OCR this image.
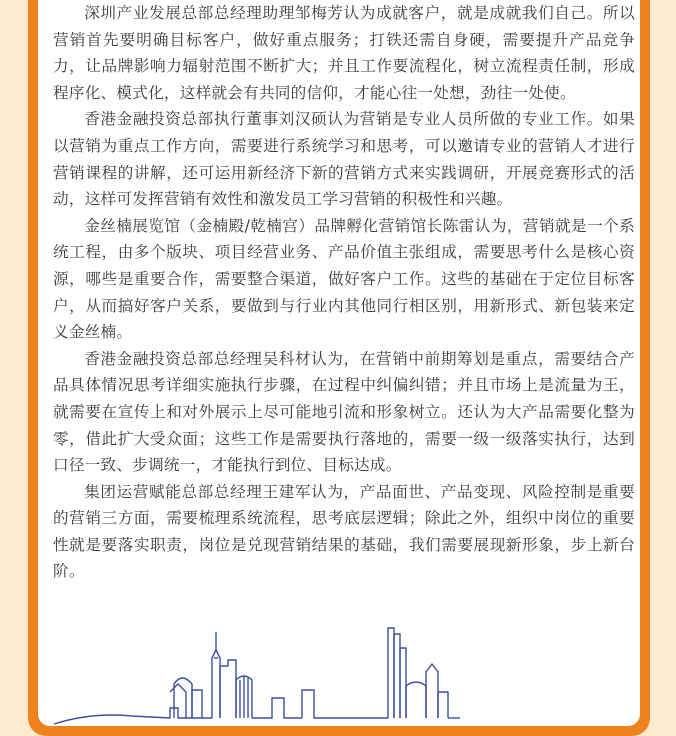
深圳产业发展总部总经理助理邹梅芳认为成就客户，就是成就我们自己。所以营销首先要明确目标客户，做好重点服务；打铁还需自身硬，需要提升产品竞争力，让品牌影响力辐射范围不断扩大；并且工作要流程化，树立流程责任制，形成程序化、模式化，这样就会有共同的信仰，才能心往一处想，劲往一处使。

香港金融投资总部执行董事刘汉硕认为营销是专业人员所做的专业工作。如果以营销为重点工作方向，需要进行系统学习和思考，可以邀请专业的营销人才进行营销课程的讲解，还可运用新经济下新的营销方式来实践调研，开展竞赛形式的活动，这样可发挥营销有效性和激发员工学习营销的积极性和兴趣。

金丝楠展览馆（金楠殿/乾楠宫）品牌孵化营销馆长陈雷认为，营销就是一个系统工程，由多个版块、项目经营业务、产品价值主张组成，需要思考什么是核心资源，哪些是重要合作，需要整合渠道，做好客户工作。这些的基础在于定位目标客户，从而搞好客户关系，要做到与行业内其他同行相区别，用新形式、新包装来定义金丝楠。

香港金融投资总部总经理吴科材认为，在营销中前期筹划是重点，需要结合产品具体情况思考详细实施执行步骤，在过程中纠偏纠错；并且市场上是流量为王，就需要在宣传上和对外展示上尽可能地引流和形象树立。还认为大产品需要化整为零，借此扩大受众面；这些工作是需要执行落地的，需要一级一级落实执行，达到口径一致、步调统一，才能执行到位、目标达成。

集团运营赋能总部总经理王建军认为，产品面世、产品变现、风险控制是重要的营销三方面，需要梳理系统流程，思考底层逻辑；除此之外，组织中岗位的重要性就是要落实职责，岗位是兑现营销结果的基础，我们需要展现新形象，步上新台阶。
